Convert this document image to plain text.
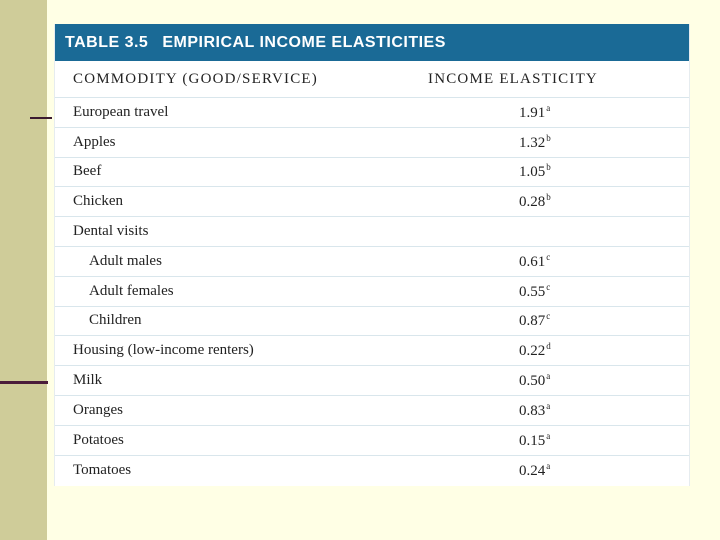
TABLE 3.5 EMPIRICAL INCOME ELASTICITIES
COMMODITY (GOOD/SERVICE)	INCOME ELASTICITY
European travel	1.91$^a$
Apples	1.32$^b$
Beef	1.05$^b$
Chicken	0.28$^b$
Dental visits
Adult males	0.61$^c$
Adult females	0.55$^c$
Children	0.87$^c$
Housing (low-income renters)	0.22$^d$
Milk	0.50$^a$
Oranges	0.83$^a$
Potatoes	0.15$^a$
Tomatoes	0.24$^a$
